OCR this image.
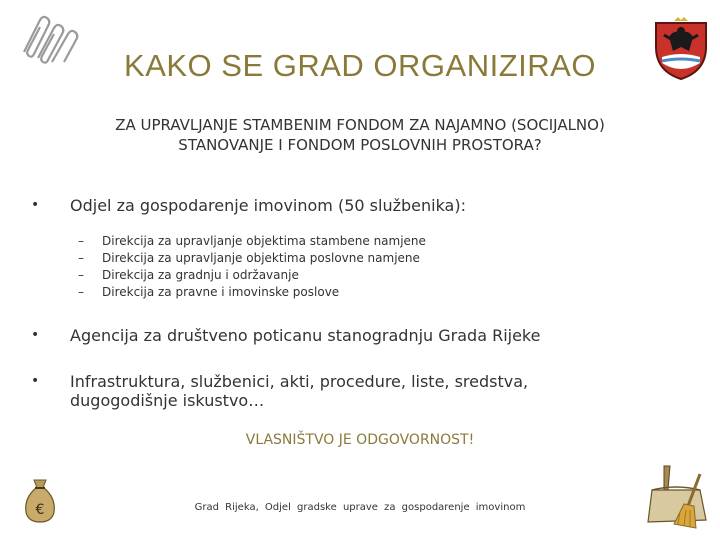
KAKO SE GRAD ORGANIZIRAO
ZA UPRAVLJANJE STAMBENIM FONDOM ZA NAJAMNO (SOCIJALNO)
STANOVANJE I FONDOM POSLOVNIH PROSTORA?
• Odjel za gospodarenje imovinom (50 službenika):
– Direkcija za upravljanje objektima stambene namjene
– Direkcija za upravljanje objektima poslovne namjene
– Direkcija za gradnju i održavanje
– Direkcija za pravne i imovinske poslove
• Agencija za društveno poticanu stanogradnju Grada Rijeke
• Infrastruktura, službenici, akti, procedure, liste, sredstva,
dugogodišnje iskustvo…
VLASNIŠTVO JE ODGOVORNOST!
€	Grad Rijeka, Odjel gradske uprave za gospodarenje imovinom
